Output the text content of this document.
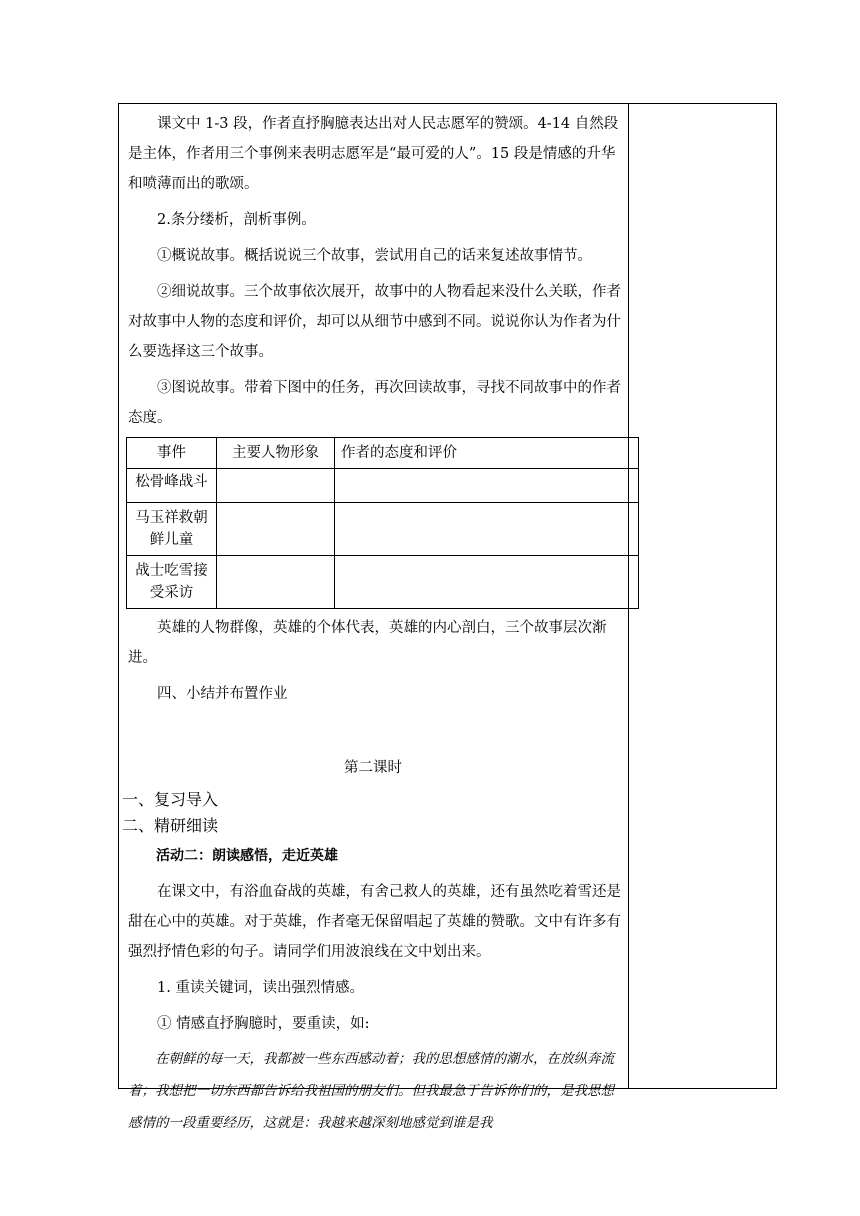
课文中 1-3 段，作者直抒胸臆表达出对人民志愿军的赞颂。4-14 自然段是主体，作者用三个事例来表明志愿军是“最可爱的人”。15 段是情感的升华和喷薄而出的歌颂。

2.条分缕析，剖析事例。

①概说故事。概括说说三个故事，尝试用自己的话来复述故事情节。

②细说故事。三个故事依次展开，故事中的人物看起来没什么关联，作者对故事中人物的态度和评价，却可以从细节中感到不同。说说你认为作者为什么要选择这三个故事。

③图说故事。带着下图中的任务，再次回读故事，寻找不同故事中的作者态度。

事件	主要人物形象	作者的态度和评价
松骨峰战斗		
马玉祥救朝鲜儿童		
战士吃雪接受采访		

英雄的人物群像，英雄的个体代表，英雄的内心剖白，三个故事层次渐进。

四、小结并布置作业

第二课时

一、复习导入

二、精研细读

活动二：朗读感悟，走近英雄

在课文中，有浴血奋战的英雄，有舍己救人的英雄，还有虽然吃着雪还是甜在心中的英雄。对于英雄，作者毫无保留唱起了英雄的赞歌。文中有许多有强烈抒情色彩的句子。请同学们用波浪线在文中划出来。

1. 重读关键词，读出强烈情感。

① 情感直抒胸臆时，要重读，如:

在朝鲜的每一天，我都被一些东西感动着；我的思想感情的潮水，在放纵奔流着；我想把一切东西都告诉给我祖国的朋友们。但我最急于告诉你们的，是我思想感情的一段重要经历，这就是：我越来越深刻地感觉到谁是我
